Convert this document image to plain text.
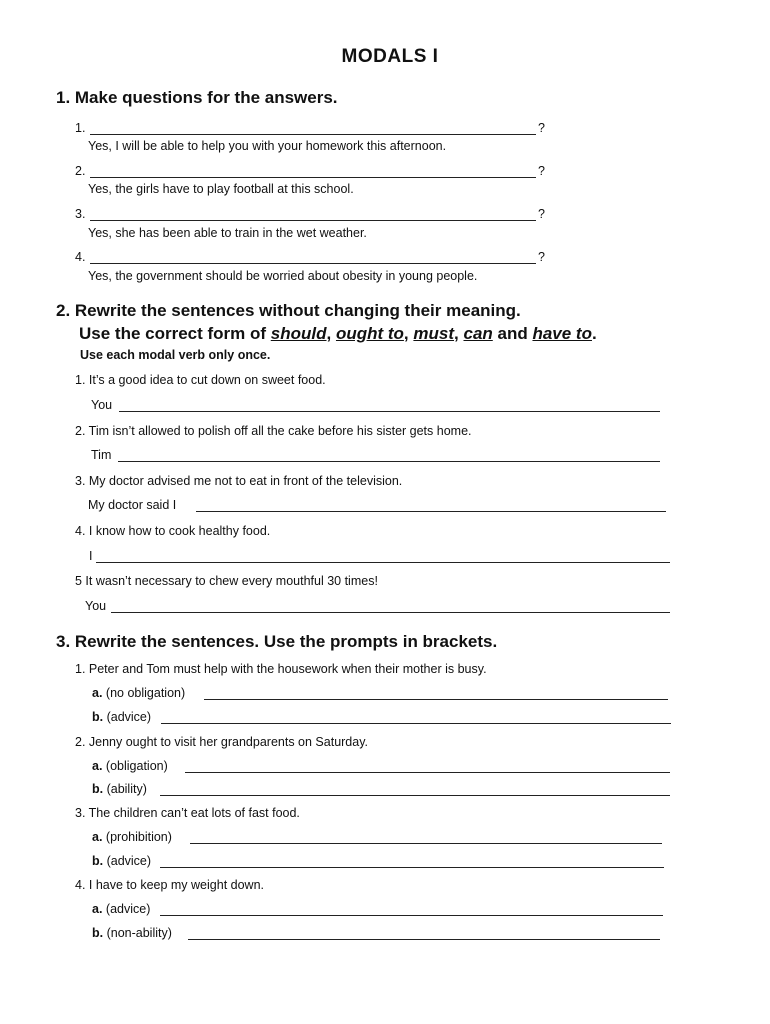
MODALS I
1. Make questions for the answers.
1.	?
Yes, I will be able to help you with your homework this afternoon.
2.	?
Yes, the girls have to play football at this school.
3.	?
Yes, she has been able to train in the wet weather.
4.	?
Yes, the government should be worried about obesity in young people.
2. Rewrite the sentences without changing their meaning.
Use the correct form of should, ought to, must, can and have to.
Use each modal verb only once.
1. It’s a good idea to cut down on sweet food.
You
2. Tim isn’t allowed to polish off all the cake before his sister gets home.
Tim
3. My doctor advised me not to eat in front of the television.
My doctor said I
4. I know how to cook healthy food.
I
5 It wasn’t necessary to chew every mouthful 30 times!
You
3. Rewrite the sentences. Use the prompts in brackets.
1. Peter and Tom must help with the housework when their mother is busy.
a. (no obligation)
b. (advice)
2. Jenny ought to visit her grandparents on Saturday.
a. (obligation)
b. (ability)
3. The children can’t eat lots of fast food.
a. (prohibition)
b. (advice)
4. I have to keep my weight down.
a. (advice)
b. (non-ability)
